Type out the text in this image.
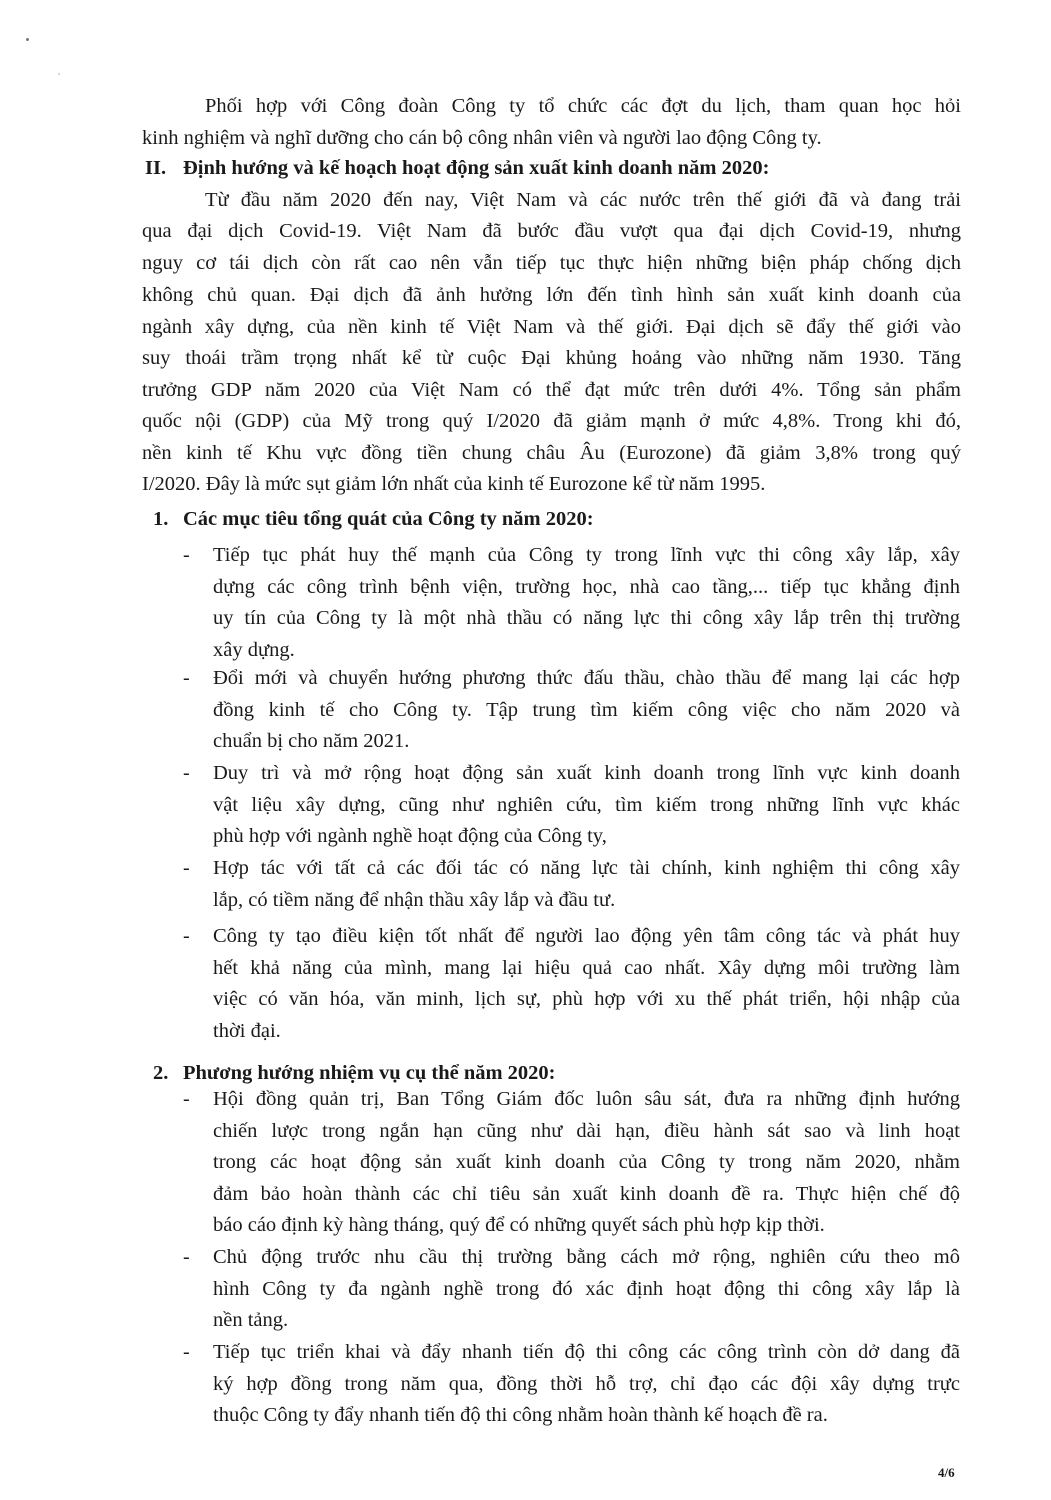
Phối hợp với Công đoàn Công ty tổ chức các đợt du lịch, tham quan học hỏi
kinh nghiệm và nghĩ dưỡng cho cán bộ công nhân viên và người lao động Công ty.
II. Định hướng và kế hoạch hoạt động sản xuất kinh doanh năm 2020:
Từ đầu năm 2020 đến nay, Việt Nam và các nước trên thế giới đã và đang trải
qua đại dịch Covid-19. Việt Nam đã bước đầu vượt qua đại dịch Covid-19, nhưng
nguy cơ tái dịch còn rất cao nên vẫn tiếp tục thực hiện những biện pháp chống dịch
không chủ quan. Đại dịch đã ảnh hưởng lớn đến tình hình sản xuất kinh doanh của
ngành xây dựng, của nền kinh tế Việt Nam và thế giới. Đại dịch sẽ đẩy thế giới vào
suy thoái trầm trọng nhất kể từ cuộc Đại khủng hoảng vào những năm 1930. Tăng
trưởng GDP năm 2020 của Việt Nam có thể đạt mức trên dưới 4%. Tổng sản phẩm
quốc nội (GDP) của Mỹ trong quý I/2020 đã giảm mạnh ở mức 4,8%. Trong khi đó,
nền kinh tế Khu vực đồng tiền chung châu Âu (Eurozone) đã giảm 3,8% trong quý
I/2020. Đây là mức sụt giảm lớn nhất của kinh tế Eurozone kể từ năm 1995.
1. Các mục tiêu tổng quát của Công ty năm 2020:
- Tiếp tục phát huy thế mạnh của Công ty trong lĩnh vực thi công xây lắp, xây
dựng các công trình bệnh viện, trường học, nhà cao tầng,... tiếp tục khẳng định
uy tín của Công ty là một nhà thầu có năng lực thi công xây lắp trên thị trường
xây dựng.
- Đổi mới và chuyển hướng phương thức đấu thầu, chào thầu để mang lại các hợp
đồng kinh tế cho Công ty. Tập trung tìm kiếm công việc cho năm 2020 và
chuẩn bị cho năm 2021.
- Duy trì và mở rộng hoạt động sản xuất kinh doanh trong lĩnh vực kinh doanh
vật liệu xây dựng, cũng như nghiên cứu, tìm kiếm trong những lĩnh vực khác
phù hợp với ngành nghề hoạt động của Công ty,
- Hợp tác với tất cả các đối tác có năng lực tài chính, kinh nghiệm thi công xây
lắp, có tiềm năng để nhận thầu xây lắp và đầu tư.
- Công ty tạo điều kiện tốt nhất để người lao động yên tâm công tác và phát huy
hết khả năng của mình, mang lại hiệu quả cao nhất. Xây dựng môi trường làm
việc có văn hóa, văn minh, lịch sự, phù hợp với xu thế phát triển, hội nhập của
thời đại.
2. Phương hướng nhiệm vụ cụ thể năm 2020:
- Hội đồng quản trị, Ban Tổng Giám đốc luôn sâu sát, đưa ra những định hướng
chiến lược trong ngắn hạn cũng như dài hạn, điều hành sát sao và linh hoạt
trong các hoạt động sản xuất kinh doanh của Công ty trong năm 2020, nhằm
đảm bảo hoàn thành các chỉ tiêu sản xuất kinh doanh đề ra. Thực hiện chế độ
báo cáo định kỳ hàng tháng, quý để có những quyết sách phù hợp kịp thời.
- Chủ động trước nhu cầu thị trường bằng cách mở rộng, nghiên cứu theo mô
hình Công ty đa ngành nghề trong đó xác định hoạt động thi công xây lắp là
nền tảng.
- Tiếp tục triển khai và đẩy nhanh tiến độ thi công các công trình còn dở dang đã
ký hợp đồng trong năm qua, đồng thời hỗ trợ, chỉ đạo các đội xây dựng trực
thuộc Công ty đẩy nhanh tiến độ thi công nhằm hoàn thành kế hoạch đề ra.
4/6
